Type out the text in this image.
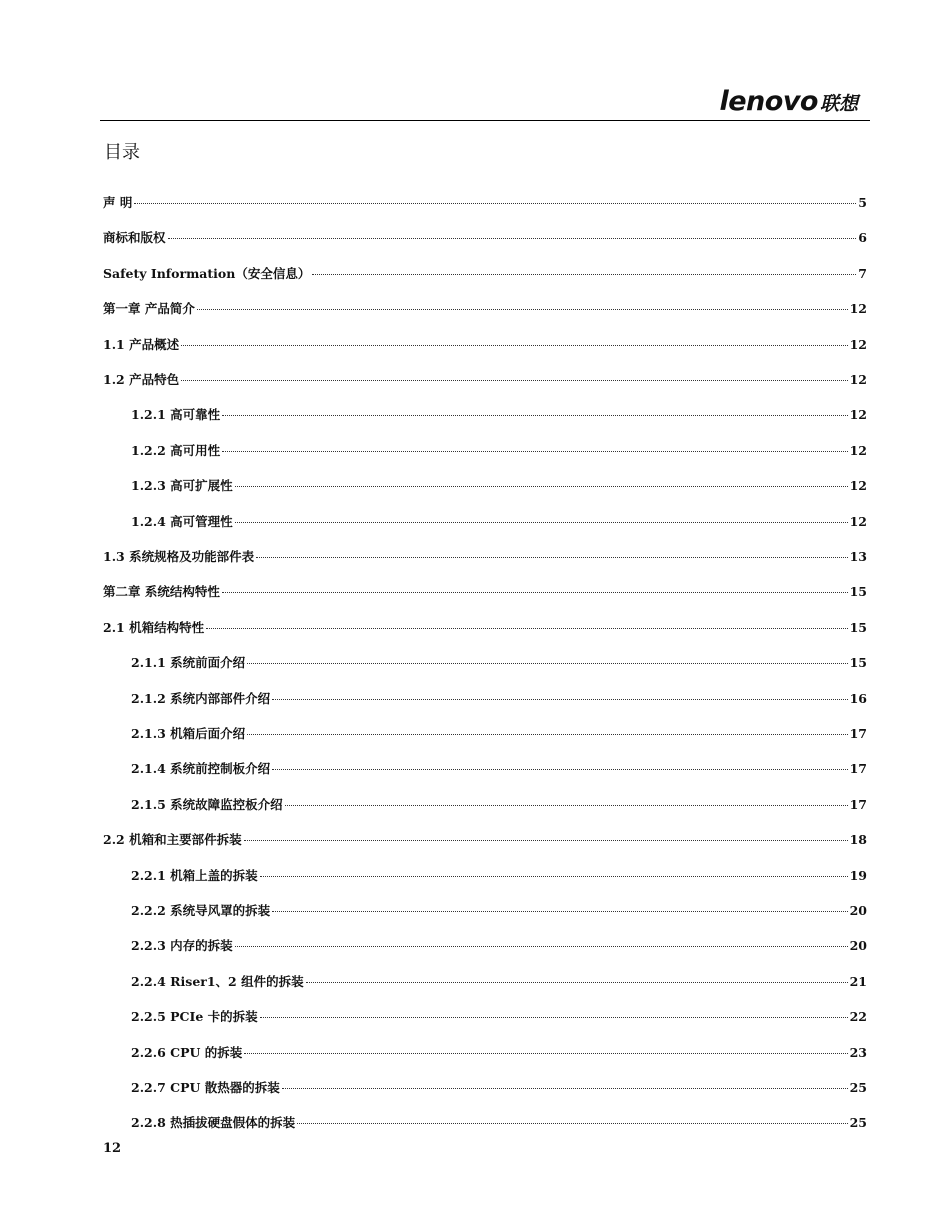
lenovo 联想
目录
声 明	5
商标和版权	6
Safety Information（安全信息）	7
第一章 产品简介	12
1.1 产品概述	12
1.2 产品特色	12
1.2.1 高可靠性	12
1.2.2 高可用性	12
1.2.3 高可扩展性	12
1.2.4 高可管理性	12
1.3 系统规格及功能部件表	13
第二章 系统结构特性	15
2.1 机箱结构特性	15
2.1.1 系统前面介绍	15
2.1.2 系统内部部件介绍	16
2.1.3 机箱后面介绍	17
2.1.4 系统前控制板介绍	17
2.1.5 系统故障监控板介绍	17
2.2 机箱和主要部件拆装	18
2.2.1 机箱上盖的拆装	19
2.2.2 系统导风罩的拆装	20
2.2.3 内存的拆装	20
2.2.4 Riser1、2 组件的拆装	21
2.2.5 PCIe 卡的拆装	22
2.2.6 CPU 的拆装	23
2.2.7 CPU 散热器的拆装	25
2.2.8 热插拔硬盘假体的拆装	25
12
